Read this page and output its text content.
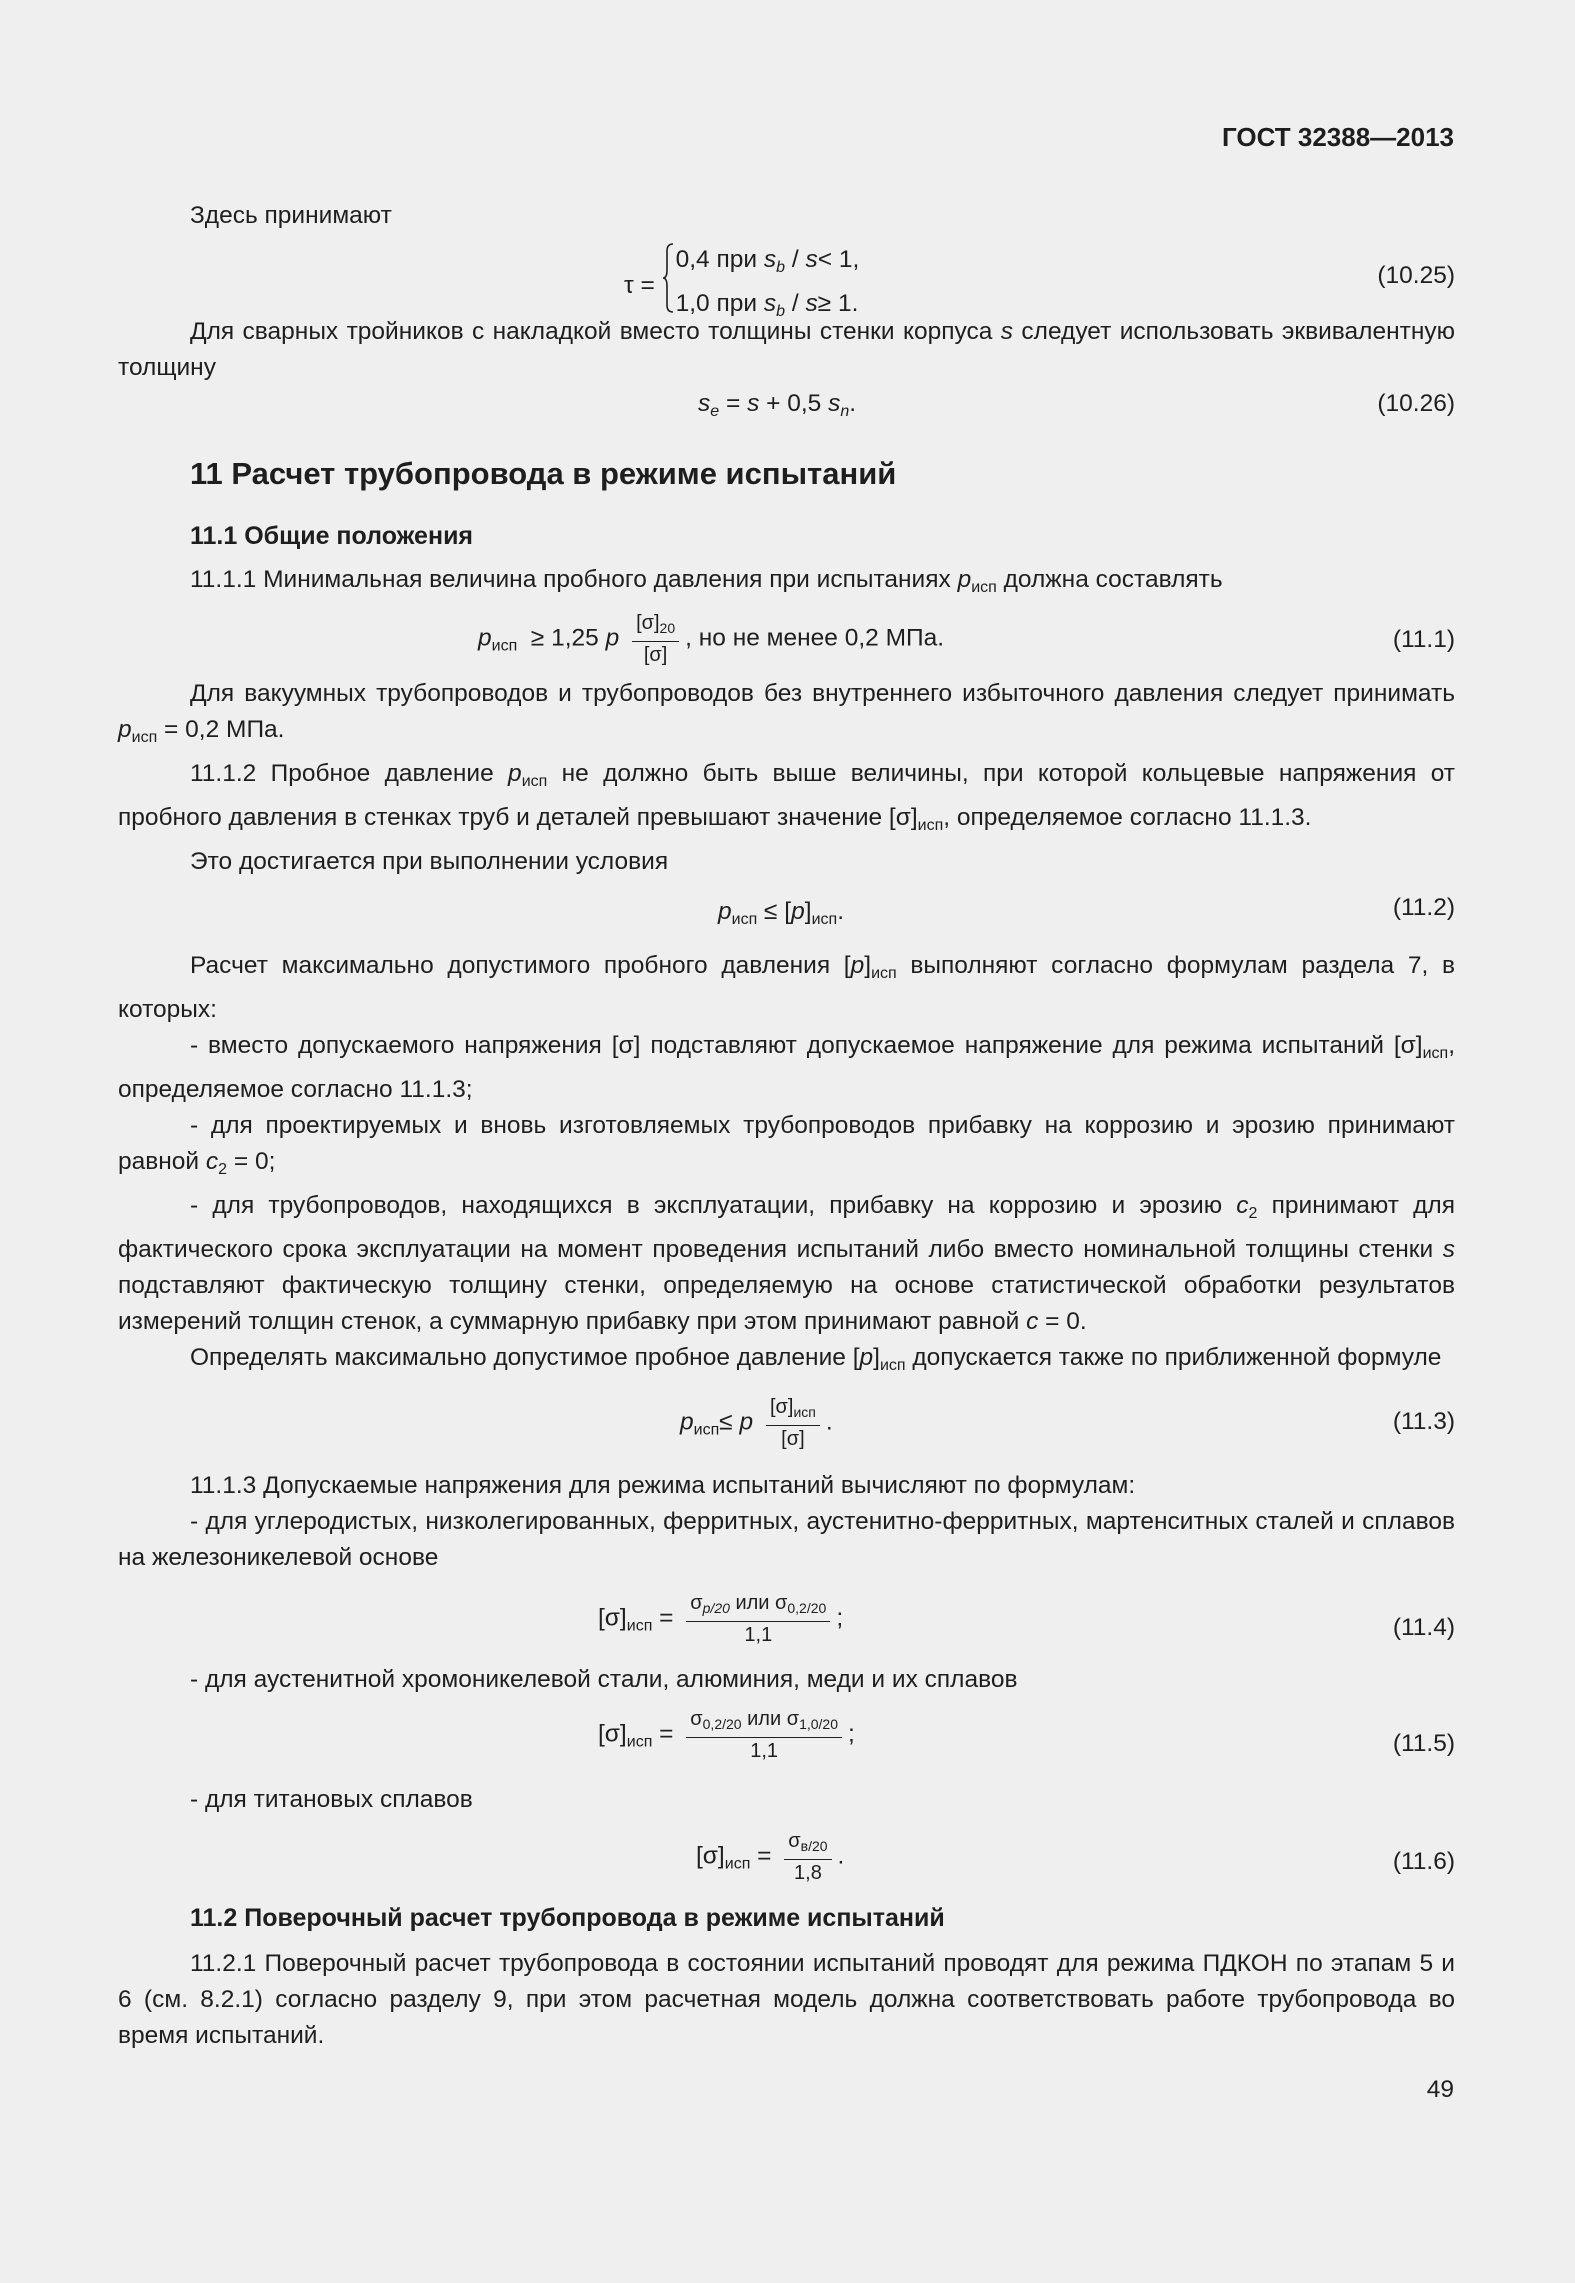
ГОСТ 32388—2013

Здесь принимают

τ =
0,4 при $s_b / s< 1$,
1,0 при $s_b / s\ge 1$.
(10.25)

Для сварных тройников с накладкой вместо толщины стенки корпуса s следует использовать эквивалентную толщину

$s_e = s + 0,5$ $s_n$.	(10.26)
11 Расчет трубопровода в режиме испытаний
11.1 Общие положения

11.1.1 Минимальная величина пробного давления при испытаниях $p_{исп}$ должна составлять

$p_{исп} \ge 1,25$ p $\frac{[\sigma]_{20}}{[\sigma]}$ , но не менее 0,2 МПа.	(11.1)

Для вакуумных трубопроводов и трубопроводов без внутреннего избыточного давления следует принимать $p_{исп} = 0,2$ МПа.

11.1.2 Пробное давление $p_{исп}$ не должно быть выше величины, при которой кольцевые напряжения от пробного давления в стенках труб и деталей превышают значение $[\sigma]_{исп}$, определяемое согласно 11.1.3.

Это достигается при выполнении условия

$p_{исп} \le [p]_{исп}$.	(11.2)

Расчет максимально допустимого пробного давления $[p]_{исп}$ выполняют согласно формулам раздела 7, в которых:

- вместо допускаемого напряжения [σ] подставляют допускаемое напряжение для режима испытаний $[\sigma]_{исп}$, определяемое согласно 11.1.3;

- для проектируемых и вновь изготовляемых трубопроводов прибавку на коррозию и эрозию принимают равной $c_2 = 0$;

- для трубопроводов, находящихся в эксплуатации, прибавку на коррозию и эрозию $c_2$ принимают для фактического срока эксплуатации на момент проведения испытаний либо вместо номинальной толщины стенки s подставляют фактическую толщину стенки, определяемую на основе статистической обработки результатов измерений толщин стенок, а суммарную прибавку при этом принимают равной c = 0.

Определять максимально допустимое пробное давление $[p]_{исп}$ допускается также по приближенной формуле

$p_{исп}\le p \frac{[\sigma]_{исп}}{[\sigma]}$ .	(11.3)

11.1.3 Допускаемые напряжения для режима испытаний вычисляют по формулам:

- для углеродистых, низколегированных, ферритных, аустенитно-ферритных, мартенситных сталей и сплавов на железоникелевой основе

$[\sigma]_{исп} = \frac{\sigma_{p/20} или \sigma_{0,2/20}}{1,1}$ ;	(11.4)

- для аустенитной хромоникелевой стали, алюминия, меди и их сплавов

$[\sigma]_{исп} = \frac{\sigma_{0,2/20} или \sigma_{1,0/20}}{1,1}$ ;	(11.5)

- для титановых сплавов

$[\sigma]_{исп} = \frac{\sigma_{в/20}}{1,8}$ .	(11.6)
11.2 Поверочный расчет трубопровода в режиме испытаний

11.2.1 Поверочный расчет трубопровода в состоянии испытаний проводят для режима ПДКОН по этапам 5 и 6 (см. 8.2.1) согласно разделу 9, при этом расчетная модель должна соответствовать работе трубопровода во время испытаний.

49
